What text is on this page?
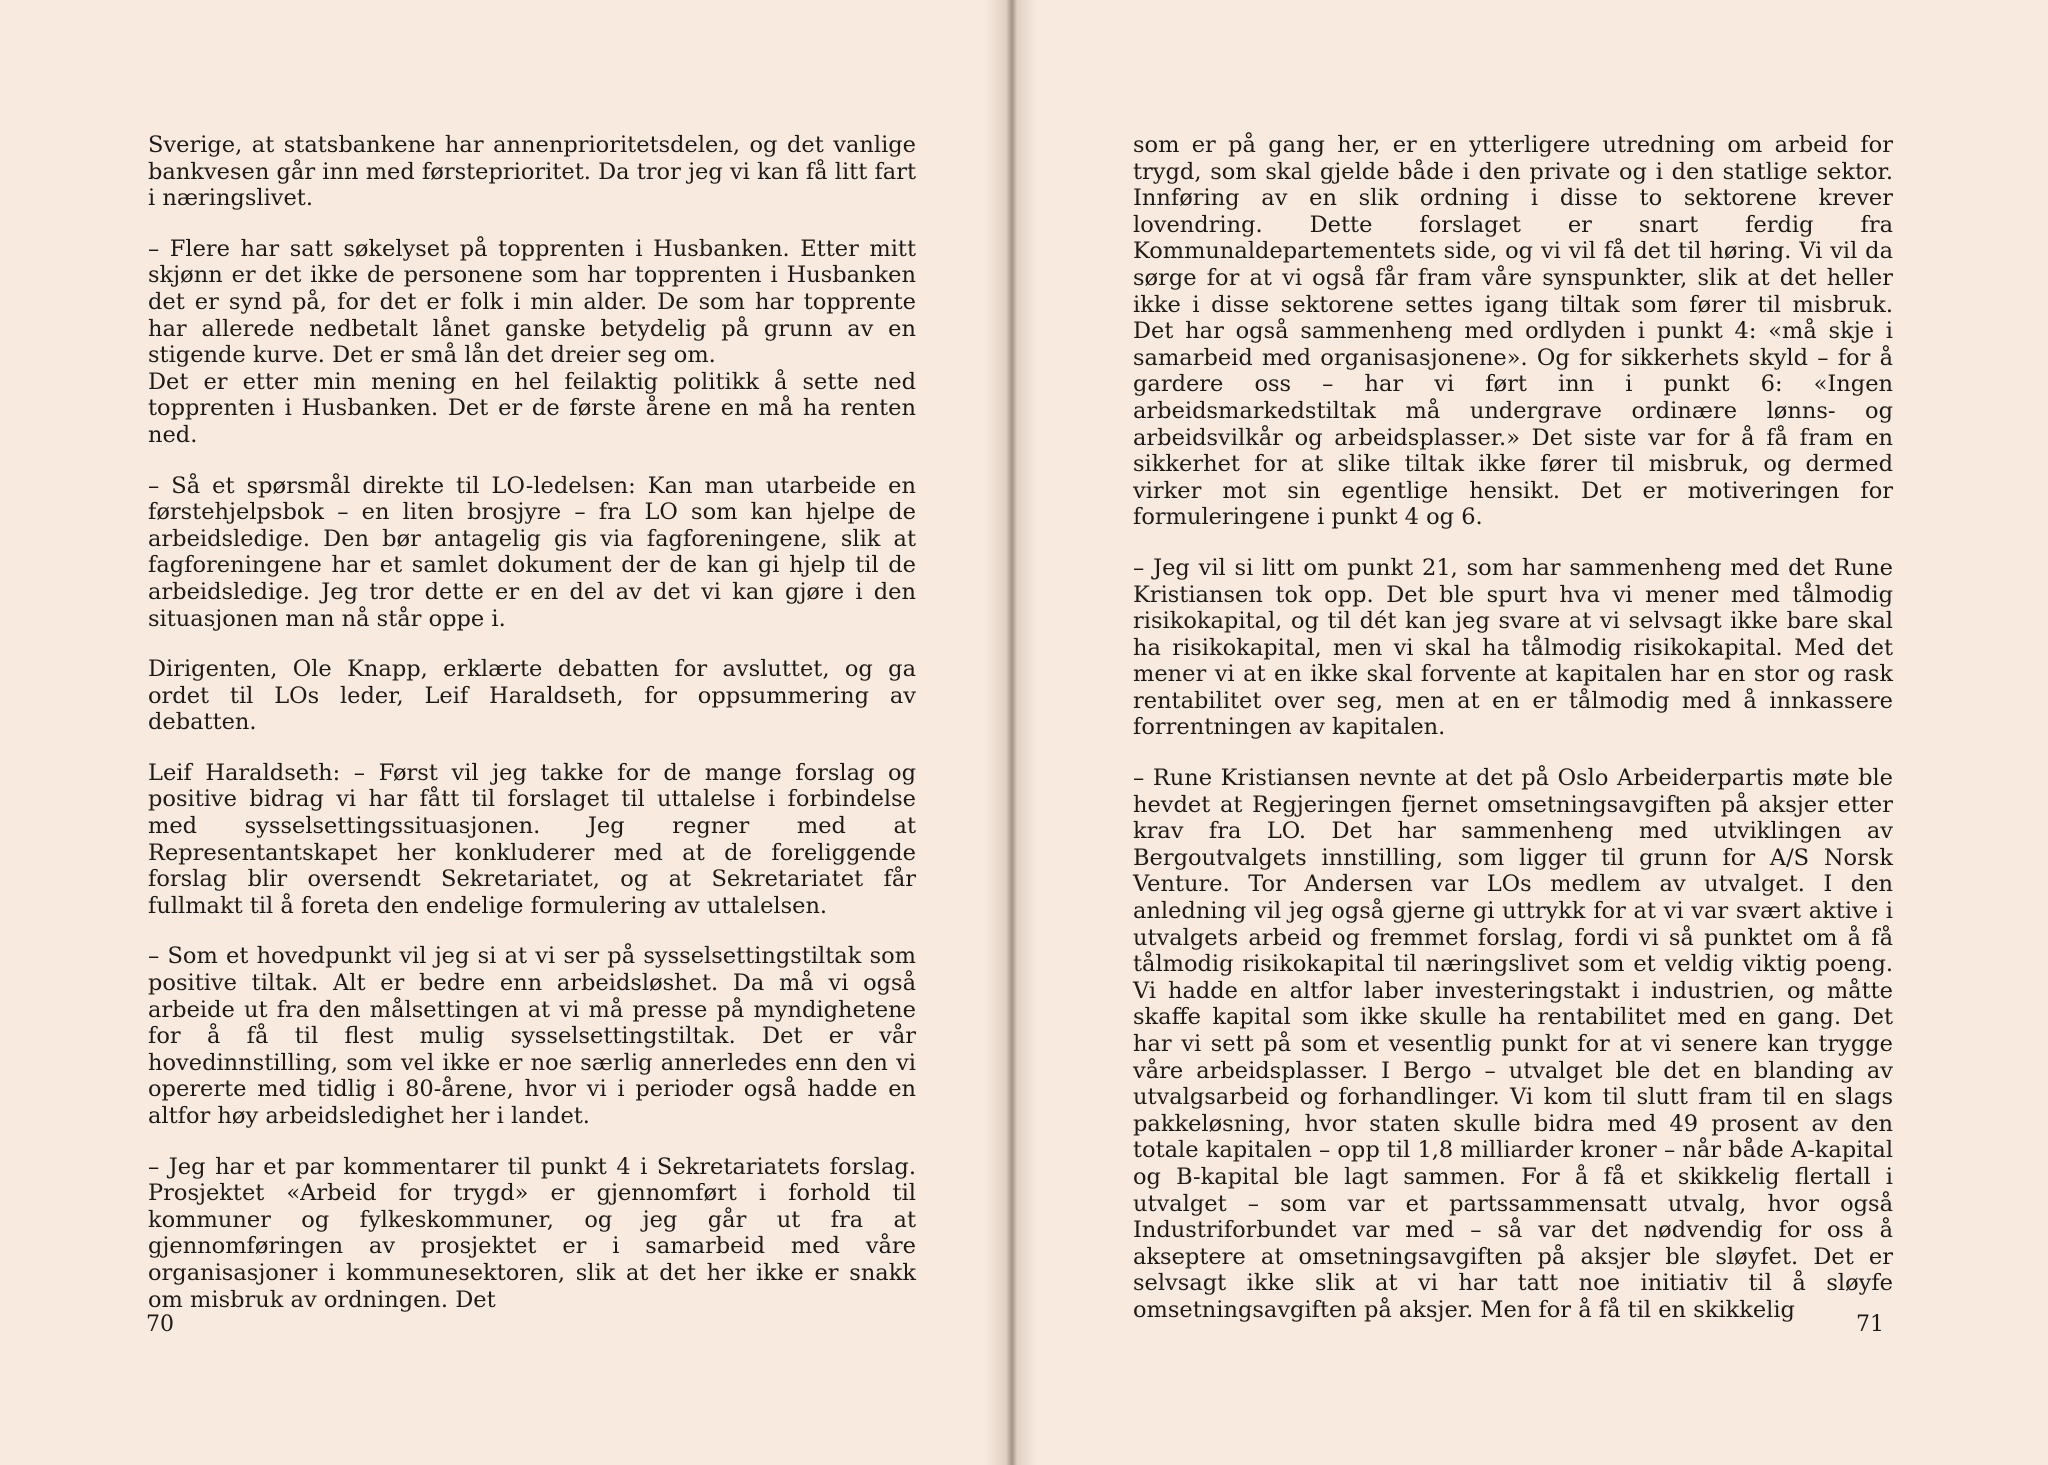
Sverige, at statsbankene har annenprioritetsdelen, og det vanlige bankvesen går inn med førsteprioritet. Da tror jeg vi kan få litt fart i næringslivet.

– Flere har satt søkelyset på topprenten i Husbanken. Etter mitt skjønn er det ikke de personene som har topprenten i Husbanken det er synd på, for det er folk i min alder. De som har topprente har allerede nedbetalt lånet ganske betydelig på grunn av en stigende kurve. Det er små lån det dreier seg om.

Det er etter min mening en hel feilaktig politikk å sette ned topprenten i Husbanken. Det er de første årene en må ha renten ned.

– Så et spørsmål direkte til LO-ledelsen: Kan man utarbeide en førstehjelpsbok – en liten brosjyre – fra LO som kan hjelpe de arbeidsledige. Den bør antagelig gis via fagforeningene, slik at fagforeningene har et samlet dokument der de kan gi hjelp til de arbeidsledige. Jeg tror dette er en del av det vi kan gjøre i den situasjonen man nå står oppe i.

Dirigenten, Ole Knapp, erklærte debatten for avsluttet, og ga ordet til LOs leder, Leif Haraldseth, for oppsummering av debatten.

Leif Haraldseth: – Først vil jeg takke for de mange forslag og positive bidrag vi har fått til forslaget til uttalelse i forbindelse med sysselsettingssituasjonen. Jeg regner med at Representantskapet her konkluderer med at de foreliggende forslag blir oversendt Sekretariatet, og at Sekretariatet får fullmakt til å foreta den endelige formulering av uttalelsen.

– Som et hovedpunkt vil jeg si at vi ser på sysselsettingstiltak som positive tiltak. Alt er bedre enn arbeidsløshet. Da må vi også arbeide ut fra den målsettingen at vi må presse på myndighetene for å få til flest mulig sysselsettingstiltak. Det er vår hovedinnstilling, som vel ikke er noe særlig annerledes enn den vi opererte med tidlig i 80-årene, hvor vi i perioder også hadde en altfor høy arbeidsledighet her i landet.

– Jeg har et par kommentarer til punkt 4 i Sekretariatets forslag. Prosjektet «Arbeid for trygd» er gjennomført i forhold til kommuner og fylkeskommuner, og jeg går ut fra at gjennomføringen av prosjektet er i samarbeid med våre organisasjoner i kommunesektoren, slik at det her ikke er snakk om misbruk av ordningen. Det

70

som er på gang her, er en ytterligere utredning om arbeid for trygd, som skal gjelde både i den private og i den statlige sektor. Innføring av en slik ordning i disse to sektorene krever lovendring. Dette forslaget er snart ferdig fra Kommunaldepartementets side, og vi vil få det til høring. Vi vil da sørge for at vi også får fram våre synspunkter, slik at det heller ikke i disse sektorene settes igang tiltak som fører til misbruk. Det har også sammenheng med ordlyden i punkt 4: «må skje i samarbeid med organisasjonene». Og for sikkerhets skyld – for å gardere oss – har vi ført inn i punkt 6: «Ingen arbeidsmarkedstiltak må undergrave ordinære lønns- og arbeidsvilkår og arbeidsplasser.» Det siste var for å få fram en sikkerhet for at slike tiltak ikke fører til misbruk, og dermed virker mot sin egentlige hensikt. Det er motiveringen for formuleringene i punkt 4 og 6.

– Jeg vil si litt om punkt 21, som har sammenheng med det Rune Kristiansen tok opp. Det ble spurt hva vi mener med tålmodig risikokapital, og til dét kan jeg svare at vi selvsagt ikke bare skal ha risikokapital, men vi skal ha tålmodig risikokapital. Med det mener vi at en ikke skal forvente at kapitalen har en stor og rask rentabilitet over seg, men at en er tålmodig med å innkassere forrentningen av kapitalen.

– Rune Kristiansen nevnte at det på Oslo Arbeiderpartis møte ble hevdet at Regjeringen fjernet omsetningsavgiften på aksjer etter krav fra LO. Det har sammenheng med utviklingen av Bergoutvalgets innstilling, som ligger til grunn for A/S Norsk Venture. Tor Andersen var LOs medlem av utvalget. I den anledning vil jeg også gjerne gi uttrykk for at vi var svært aktive i utvalgets arbeid og fremmet forslag, fordi vi så punktet om å få tålmodig risikokapital til næringslivet som et veldig viktig poeng. Vi hadde en altfor laber investeringstakt i industrien, og måtte skaffe kapital som ikke skulle ha rentabilitet med en gang. Det har vi sett på som et vesentlig punkt for at vi senere kan trygge våre arbeidsplasser. I Bergo – utvalget ble det en blanding av utvalgsarbeid og forhandlinger. Vi kom til slutt fram til en slags pakkeløsning, hvor staten skulle bidra med 49 prosent av den totale kapitalen – opp til 1,8 milliarder kroner – når både A-kapital og B-kapital ble lagt sammen. For å få et skikkelig flertall i utvalget – som var et partssammensatt utvalg, hvor også Industriforbundet var med – så var det nødvendig for oss å akseptere at omsetningsavgiften på aksjer ble sløyfet. Det er selvsagt ikke slik at vi har tatt noe initiativ til å sløyfe omsetningsavgiften på aksjer. Men for å få til en skikkelig

71
